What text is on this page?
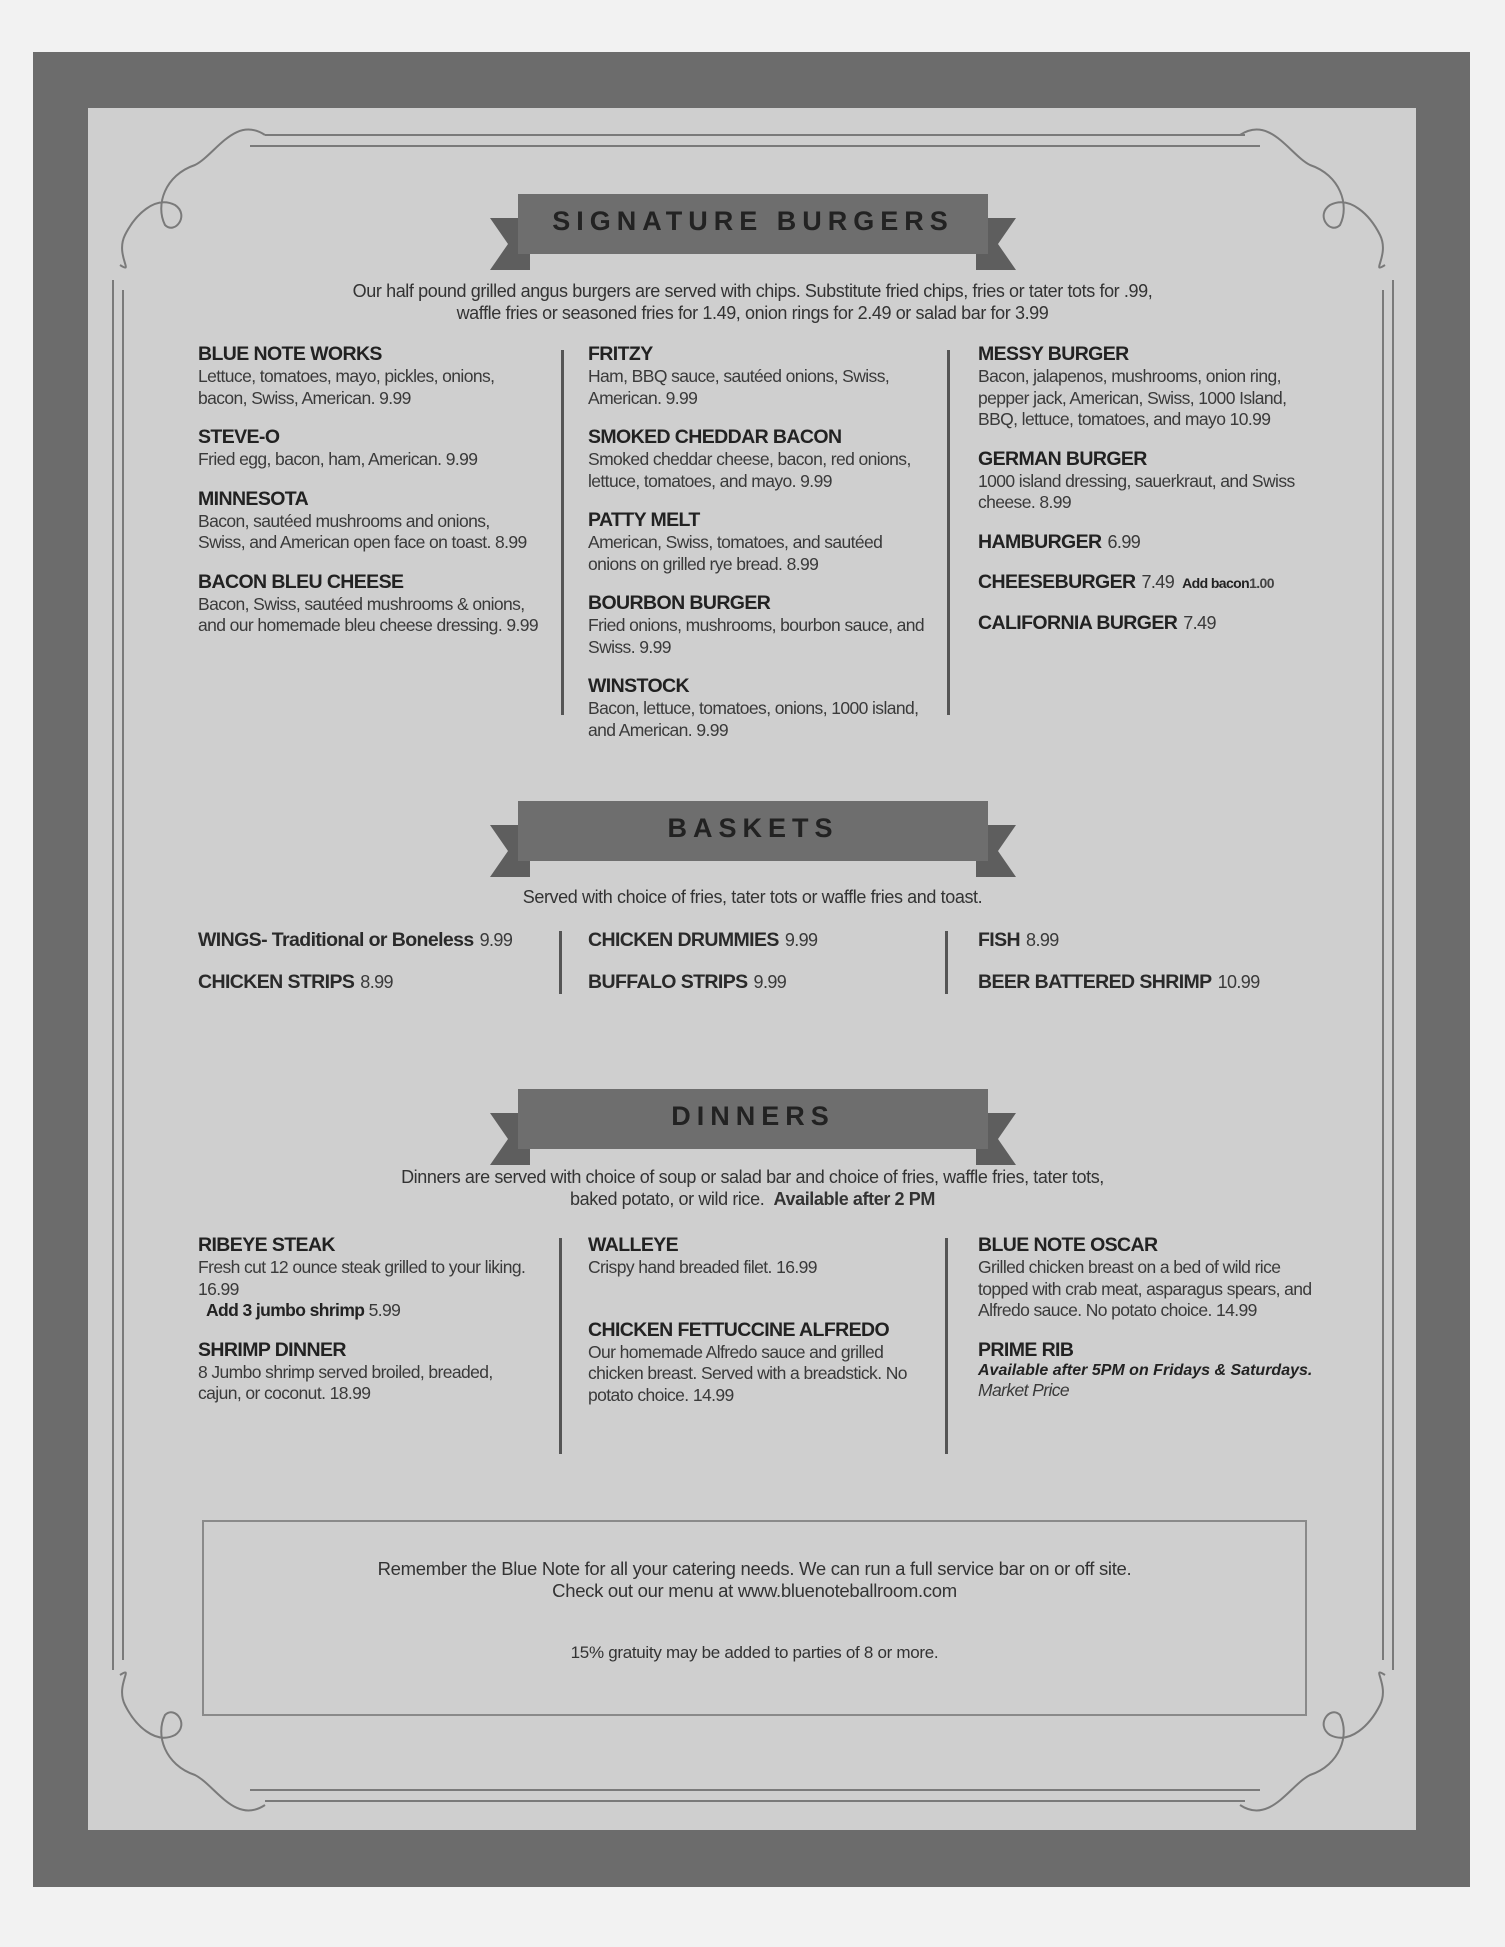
SIGNATURE BURGERS
Our half pound grilled angus burgers are served with chips. Substitute fried chips, fries or tater tots for .99,
waffle fries or seasoned fries for 1.49, onion rings for 2.49 or salad bar for 3.99
BLUE NOTE WORKS
Lettuce, tomatoes, mayo, pickles, onions, bacon, Swiss, American. 9.99
STEVE-O
Fried egg, bacon, ham, American. 9.99
MINNESOTA
Bacon, sautéed mushrooms and onions, Swiss, and American open face on toast. 8.99
BACON BLEU CHEESE
Bacon, Swiss, sautéed mushrooms & onions, and our homemade bleu cheese dressing. 9.99
FRITZY
Ham, BBQ sauce, sautéed onions, Swiss, American. 9.99
SMOKED CHEDDAR BACON
Smoked cheddar cheese, bacon, red onions, lettuce, tomatoes, and mayo. 9.99
PATTY MELT
American, Swiss, tomatoes, and sautéed onions on grilled rye bread. 8.99
BOURBON BURGER
Fried onions, mushrooms, bourbon sauce, and Swiss. 9.99
WINSTOCK
Bacon, lettuce, tomatoes, onions, 1000 island, and American. 9.99
MESSY BURGER
Bacon, jalapenos, mushrooms, onion ring, pepper jack, American, Swiss, 1000 Island, BBQ, lettuce, tomatoes, and mayo 10.99
GERMAN BURGER
1000 island dressing, sauerkraut, and Swiss cheese. 8.99
HAMBURGER 6.99
CHEESEBURGER 7.49 Add bacon1.00
CALIFORNIA BURGER 7.49
BASKETS
Served with choice of fries, tater tots or waffle fries and toast.
WINGS- Traditional or Boneless 9.99
CHICKEN STRIPS 8.99
CHICKEN DRUMMIES 9.99
BUFFALO STRIPS 9.99
FISH 8.99
BEER BATTERED SHRIMP 10.99
DINNERS
Dinners are served with choice of soup or salad bar and choice of fries, waffle fries, tater tots,
baked potato, or wild rice. Available after 2 PM
RIBEYE STEAK
Fresh cut 12 ounce steak grilled to your liking. 16.99
Add 3 jumbo shrimp 5.99
SHRIMP DINNER
8 Jumbo shrimp served broiled, breaded, cajun, or coconut. 18.99
WALLEYE
Crispy hand breaded filet. 16.99
CHICKEN FETTUCCINE ALFREDO
Our homemade Alfredo sauce and grilled chicken breast. Served with a breadstick. No potato choice. 14.99
BLUE NOTE OSCAR
Grilled chicken breast on a bed of wild rice topped with crab meat, asparagus spears, and Alfredo sauce. No potato choice. 14.99
PRIME RIB
Available after 5PM on Fridays & Saturdays.
Market Price
Remember the Blue Note for all your catering needs. We can run a full service bar on or off site.
Check out our menu at www.bluenoteballroom.com
15% gratuity may be added to parties of 8 or more.
